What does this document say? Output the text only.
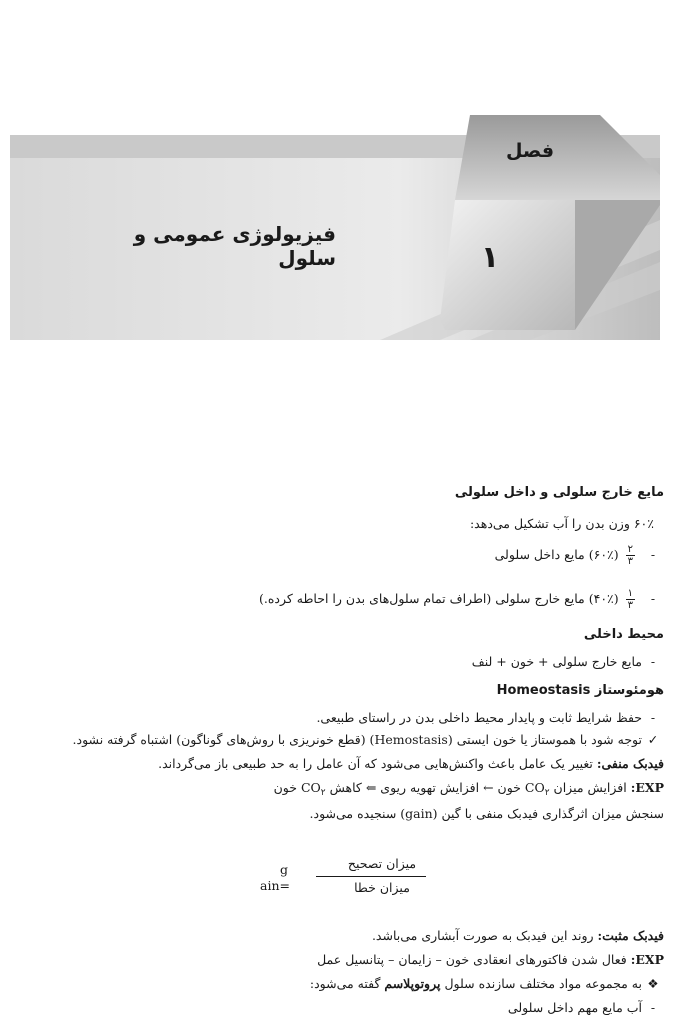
فصل
۱
فیزیولوژی عمومی و سلول
مایع خارج سلولی و داخل سلولی
۶۰٪ وزن بدن را آب تشکیل می‌دهد:
-
$\frac{۲}{۳}$
(۶۰٪) مایع داخل سلولی
-
$\frac{۱}{۳}$
(۴۰٪) مایع خارج سلولی (اطراف تمام سلول‌های بدن را احاطه کرده.)
محیط داخلی
-مایع خارج سلولی + خون + لنف
هومئوستاز Homeostasis
-حفظ شرایط ثابت و پایدار محیط داخلی بدن در راستای طبیعی.
✓توجه شود با هموستاز یا خون ایستی (Hemostasis) (قطع خونریزی با روش‌های گوناگون) اشتباه گرفته نشود.
فیدبک منفی: تغییر یک عامل باعث واکنش‌هایی می‌شود که آن عامل را به حد طبیعی باز می‌گرداند.
EXP: افزایش میزان $CO_۲$ خون ← افزایش تهویه ریوی ⇐ کاهش $CO_۲$ خون
سنجش میزان اثرگذاری فیدبک منفی با گین (gain) سنجیده می‌شود.
فیدبک مثبت: روند این فیدبک به صورت آبشاری می‌باشد.
EXP: فعال شدن فاکتورهای انعقادی خون – زایمان – پتانسیل عمل
❖به مجموعه مواد مختلف سازنده سلول پروتوپلاسم گفته می‌شود:
-آب مایع مهم داخل سلولی
g
ain=
میزان تصحیح
میزان خطا
